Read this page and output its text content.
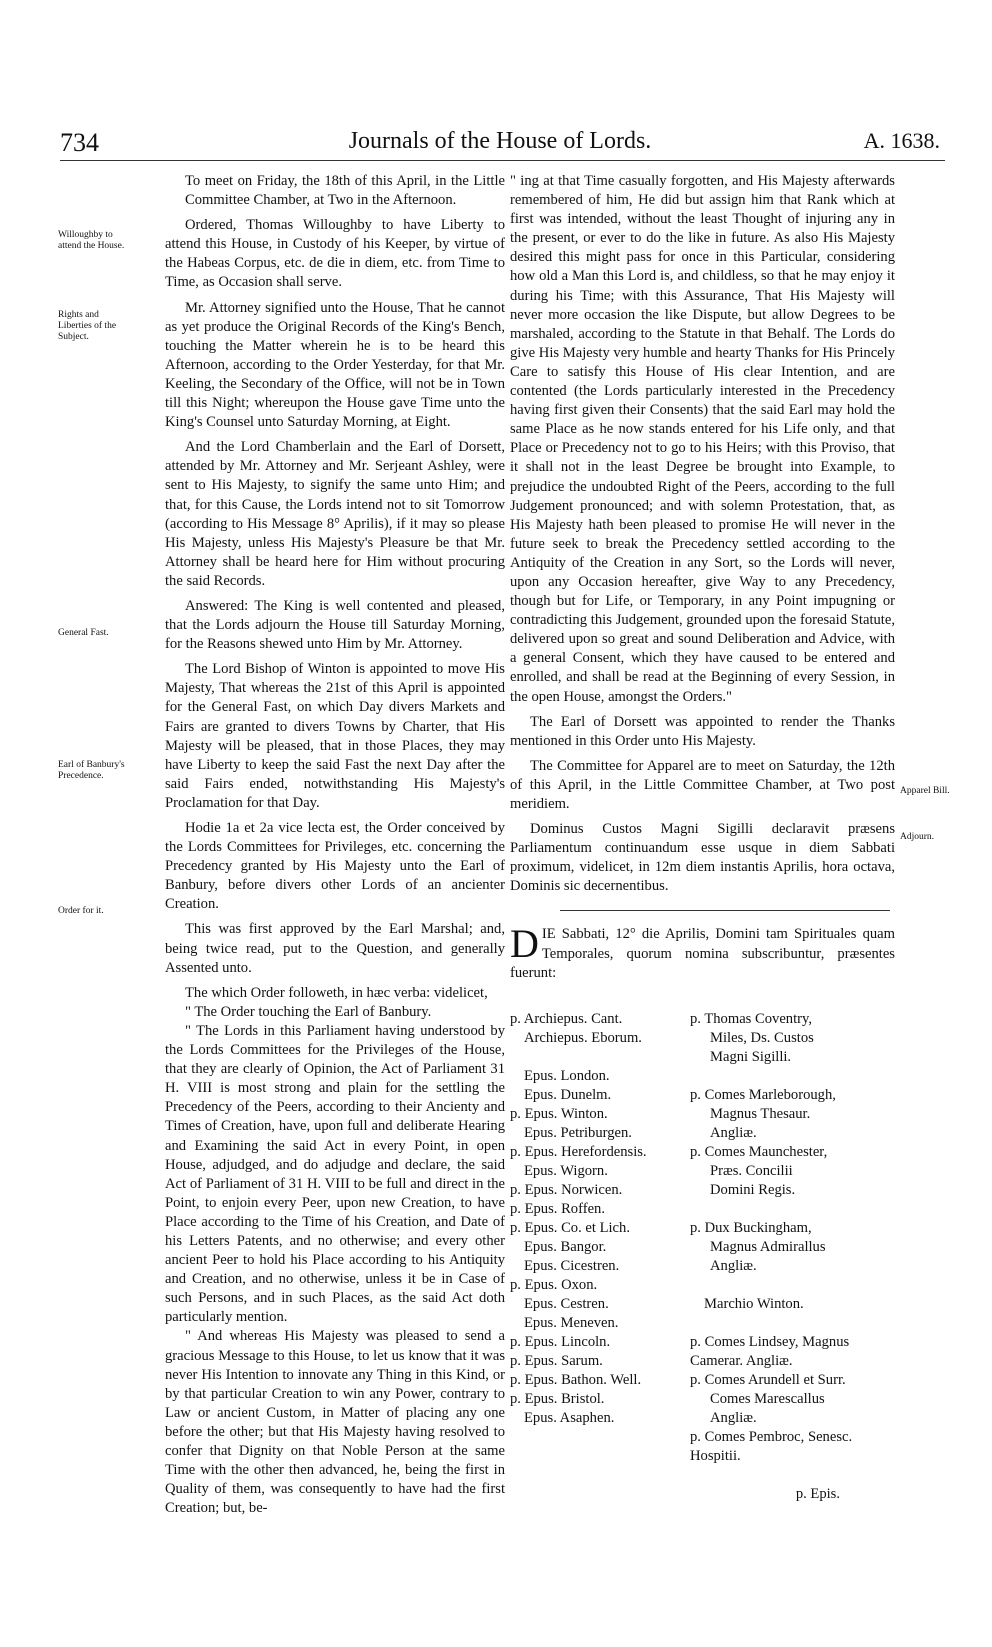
734	Journals of the House of Lords.	A. 1638.
Willoughby to attend the House.
Rights and Liberties of the Subject.
General Fast.
Earl of Banbury's Precedence.
Order for it.
Apparel Bill.
Adjourn.

To meet on Friday, the 18th of this April, in the Little Committee Chamber, at Two in the Afternoon.

Ordered, Thomas Willoughby to have Liberty to attend this House, in Custody of his Keeper, by virtue of the Habeas Corpus, etc. de die in diem, etc. from Time to Time, as Occasion shall serve.

Mr. Attorney signified unto the House, That he cannot as yet produce the Original Records of the King's Bench, touching the Matter wherein he is to be heard this Afternoon, according to the Order Yesterday, for that Mr. Keeling, the Secondary of the Office, will not be in Town till this Night; whereupon the House gave Time unto the King's Counsel unto Saturday Morning, at Eight.

And the Lord Chamberlain and the Earl of Dorsett, attended by Mr. Attorney and Mr. Serjeant Ashley, were sent to His Majesty, to signify the same unto Him; and that, for this Cause, the Lords intend not to sit Tomorrow (according to His Message 8° Aprilis), if it may so please His Majesty, unless His Majesty's Pleasure be that Mr. Attorney shall be heard here for Him without procuring the said Records.

Answered: The King is well contented and pleased, that the Lords adjourn the House till Saturday Morning, for the Reasons shewed unto Him by Mr. Attorney.

The Lord Bishop of Winton is appointed to move His Majesty, That whereas the 21st of this April is appointed for the General Fast, on which Day divers Markets and Fairs are granted to divers Towns by Charter, that His Majesty will be pleased, that in those Places, they may have Liberty to keep the said Fast the next Day after the said Fairs ended, notwithstanding His Majesty's Proclamation for that Day.

Hodie 1a et 2a vice lecta est, the Order conceived by the Lords Committees for Privileges, etc. concerning the Precedency granted by His Majesty unto the Earl of Banbury, before divers other Lords of an ancienter Creation.

This was first approved by the Earl Marshal; and, being twice read, put to the Question, and generally Assented unto.

The which Order followeth, in hæc verba: videlicet,

" The Order touching the Earl of Banbury.

" The Lords in this Parliament having understood by the Lords Committees for the Privileges of the House, that they are clearly of Opinion, the Act of Parliament 31 H. VIII is most strong and plain for the settling the Precedency of the Peers, according to their Ancienty and Times of Creation, have, upon full and deliberate Hearing and Examining the said Act in every Point, in open House, adjudged, and do adjudge and declare, the said Act of Parliament of 31 H. VIII to be full and direct in the Point, to enjoin every Peer, upon new Creation, to have Place according to the Time of his Creation, and Date of his Letters Patents, and no otherwise; and every other ancient Peer to hold his Place according to his Antiquity and Creation, and no otherwise, unless it be in Case of such Persons, and in such Places, as the said Act doth particularly mention.

" And whereas His Majesty was pleased to send a gracious Message to this House, to let us know that it was never His Intention to innovate any Thing in this Kind, or by that particular Creation to win any Power, contrary to Law or ancient Custom, in Matter of placing any one before the other; but that His Majesty having resolved to confer that Dignity on that Noble Person at the same Time with the other then advanced, he, being the first in Quality of them, was consequently to have had the first Creation; but, be-

" ing at that Time casually forgotten, and His Majesty afterwards remembered of him, He did but assign him that Rank which at first was intended, without the least Thought of injuring any in the present, or ever to do the like in future. As also His Majesty desired this might pass for once in this Particular, considering how old a Man this Lord is, and childless, so that he may enjoy it during his Time; with this Assurance, That His Majesty will never more occasion the like Dispute, but allow Degrees to be marshaled, according to the Statute in that Behalf. The Lords do give His Majesty very humble and hearty Thanks for His Princely Care to satisfy this House of His clear Intention, and are contented (the Lords particularly interested in the Precedency having first given their Consents) that the said Earl may hold the same Place as he now stands entered for his Life only, and that Place or Precedency not to go to his Heirs; with this Proviso, that it shall not in the least Degree be brought into Example, to prejudice the undoubted Right of the Peers, according to the full Judgement pronounced; and with solemn Protestation, that, as His Majesty hath been pleased to promise He will never in the future seek to break the Precedency settled according to the Antiquity of the Creation in any Sort, so the Lords will never, upon any Occasion hereafter, give Way to any Precedency, though but for Life, or Temporary, in any Point impugning or contradicting this Judgement, grounded upon the foresaid Statute, delivered upon so great and sound Deliberation and Advice, with a general Consent, which they have caused to be entered and enrolled, and shall be read at the Beginning of every Session, in the open House, amongst the Orders."

The Earl of Dorsett was appointed to render the Thanks mentioned in this Order unto His Majesty.

The Committee for Apparel are to meet on Saturday, the 12th of this April, in the Little Committee Chamber, at Two post meridiem.

Dominus Custos Magni Sigilli declaravit præsens Parliamentum continuandum esse usque in diem Sabbati proximum, videlicet, in 12m diem instantis Aprilis, hora octava, Dominis sic decernentibus.

DIE Sabbati, 12° die Aprilis, Domini tam Spirituales quam Temporales, quorum nomina subscribuntur, præsentes fuerunt:

p. Archiepus. Cant.
Archiepus. Eborum.

Epus. London.
Epus. Dunelm.
p. Epus. Winton.
Epus. Petriburgen.
p. Epus. Herefordensis.
Epus. Wigorn.
p. Epus. Norwicen.
p. Epus. Roffen.
p. Epus. Co. et Lich.
Epus. Bangor.
Epus. Cicestren.
p. Epus. Oxon.
Epus. Cestren.
Epus. Meneven.
p. Epus. Lincoln.
p. Epus. Sarum.
p. Epus. Bathon. Well.
p. Epus. Bristol.
Epus. Asaphen.
p. Thomas Coventry,
Miles, Ds. Custos
Magni Sigilli.

p. Comes Marleborough,
Magnus Thesaur.
Angliæ.
p. Comes Maunchester,
Præs. Concilii
Domini Regis.

p. Dux Buckingham,
Magnus Admirallus
Angliæ.

Marchio Winton.

p. Comes Lindsey, Magnus Camerar. Angliæ.
p. Comes Arundell et Surr.
Comes Marescallus
Angliæ.
p. Comes Pembroc, Senesc. Hospitii.

p. Epis.
